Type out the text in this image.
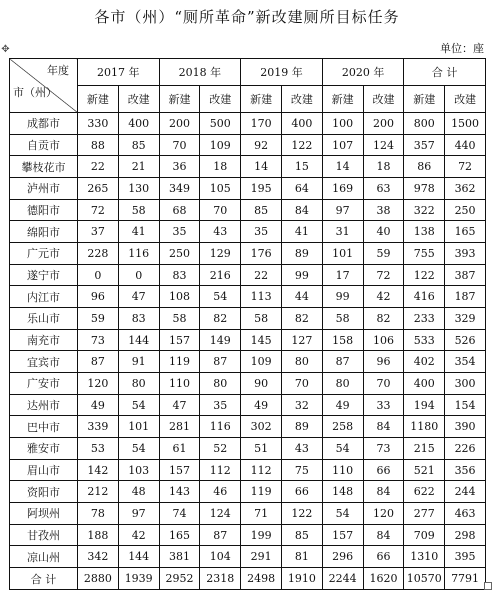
各市（州）“厕所革命”新改建厕所目标任务
✥	单位：座
年度
市（州）	2017 年		2018 年		2019 年		2020 年		合 计	
	新建	改建	新建	改建	新建	改建	新建	改建	新建	改建
成都市	330	400	200	500	170	400	100	200	800	1500
自贡市	88	85	70	109	92	122	107	124	357	440
攀枝花市	22	21	36	18	14	15	14	18	86	72
泸州市	265	130	349	105	195	64	169	63	978	362
德阳市	72	58	68	70	85	84	97	38	322	250
绵阳市	37	41	35	43	35	41	31	40	138	165
广元市	228	116	250	129	176	89	101	59	755	393
遂宁市	0	0	83	216	22	99	17	72	122	387
内江市	96	47	108	54	113	44	99	42	416	187
乐山市	59	83	58	82	58	82	58	82	233	329
南充市	73	144	157	149	145	127	158	106	533	526
宜宾市	87	91	119	87	109	80	87	96	402	354
广安市	120	80	110	80	90	70	80	70	400	300
达州市	49	54	47	35	49	32	49	33	194	154
巴中市	339	101	281	116	302	89	258	84	1180	390
雅安市	53	54	61	52	51	43	54	73	215	226
眉山市	142	103	157	112	112	75	110	66	521	356
资阳市	212	48	143	46	119	66	148	84	622	244
阿坝州	78	97	74	124	71	122	54	120	277	463
甘孜州	188	42	165	87	199	85	157	84	709	298
凉山州	342	144	381	104	291	81	296	66	1310	395
合 计	2880	1939	2952	2318	2498	1910	2244	1620	10570	7791
